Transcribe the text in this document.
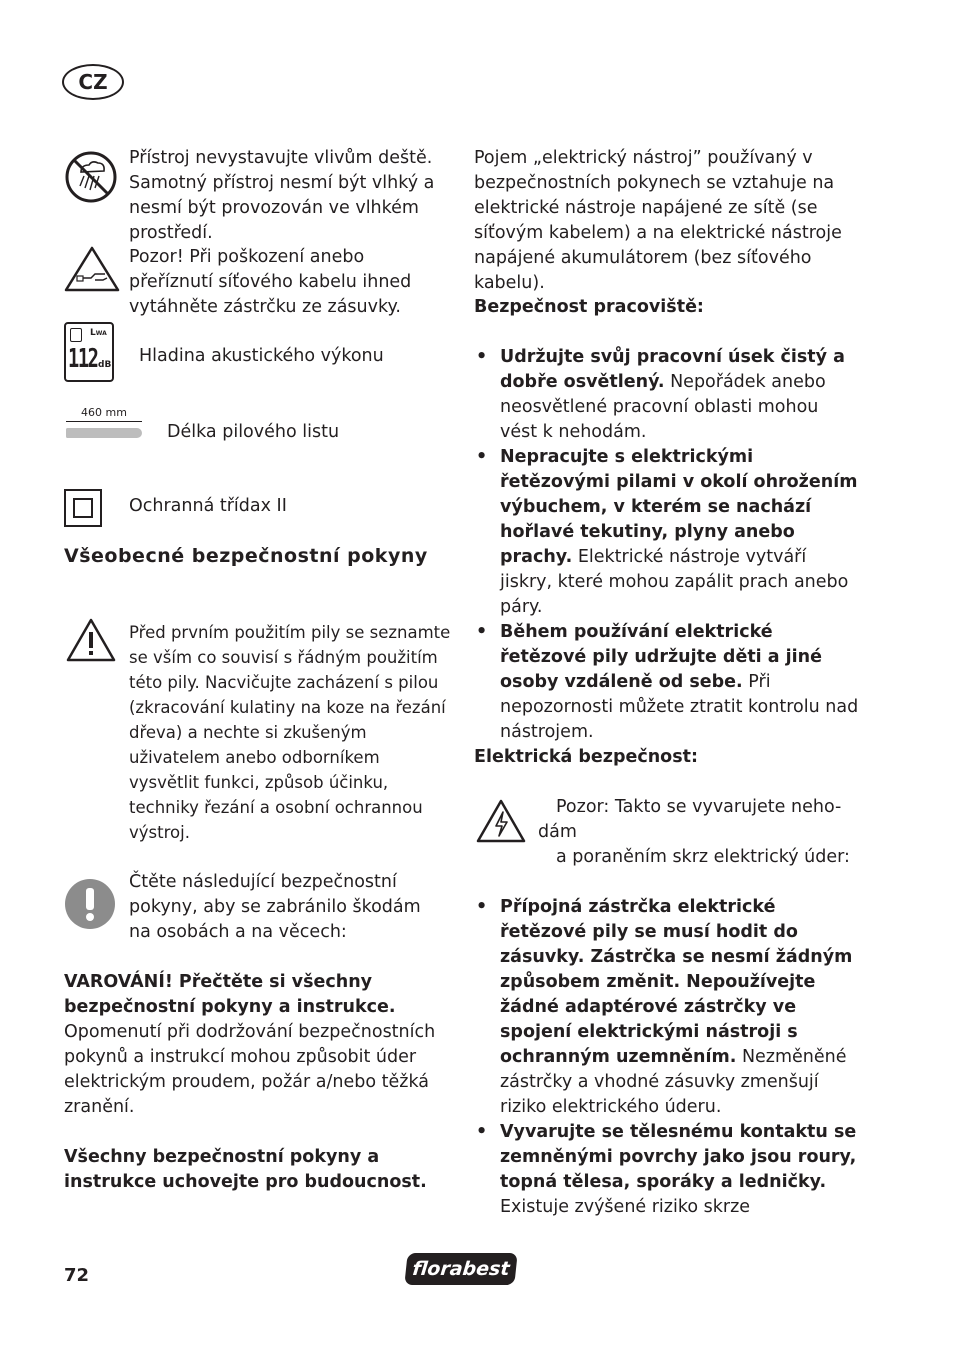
CZ

Přístroj nevystavujte vlivům deště. Samotný přístroj nesmí být vlhký a nesmí být provozován ve vlhkém prostředí.

Pozor! Při poškození anebo přeříznutí síťového kabelu ihned vytáhněte zástrčku ze zásuvky.

LWA
112 dB Hladina akustického výkonu

460 mm

Délka pilového listu

Ochranná třídax II

Všeobecné bezpečnostní pokyny

Před prvním použitím pily se seznamte se vším co souvisí s řádným použitím této pily. Nacvičujte zacházení s pilou (zkracování kulatiny na koze na řezání dřeva) a nechte si zkušeným uživatelem anebo odborníkem vysvětlit funkci, způsob účinku, techniky řezání a osobní ochrannou výstroj.

Čtěte následující bezpečnostní pokyny, aby se zabránilo škodám na osobách a na věcech:

VAROVÁNÍ! Přečtěte si všechny bezpečnostní pokyny a instrukce.

Opomenutí při dodržování bezpečnostních pokynů a instrukcí mohou způsobit úder elektrickým proudem, požár a/nebo těžká zranění.

Všechny bezpečnostní pokyny a instrukce uchovejte pro budoucnost.

Pojem „elektrický nástroj” používaný v bezpečnostních pokynech se vztahuje na elektrické nástroje napájené ze sítě (se síťovým kabelem) a na elektrické nástroje napájené akumulátorem (bez síťového kabelu).

Bezpečnost pracoviště:

• Udržujte svůj pracovní úsek čistý a dobře osvětlený. Nepořádek anebo neosvětlené pracovní oblasti mohou vést k nehodám.
• Nepracujte s elektrickými řetězovými pilami v okolí ohrožením výbuchem, v kterém se nachází hořlavé tekutiny, plyny anebo prachy. Elektrické nástroje vytváří jiskry, které mohou zapálit prach anebo páry.
• Během používání elektrické řetězové pily udržujte děti a jiné osoby vzdáleně od sebe. Při nepozornosti můžete ztratit kontrolu nad nástrojem.

Elektrická bezpečnost:

Pozor: Takto se vyvarujete neho-

dám

a poraněním skrz elektrický úder:

• Přípojná zástrčka elektrické řetězové pily se musí hodit do zásuvky. Zástrčka se nesmí žádným způsobem změnit. Nepoužívejte žádné adaptérové zástrčky ve spojení elektrickými nástroji s ochranným uzemněním. Nezměněné zástrčky a vhodné zásuvky zmenšují riziko elektrického úderu.
• Vyvarujte se tělesnému kontaktu se zemněnými povrchy jako jsou roury, topná tělesa, sporáky a ledničky. Existuje zvýšené riziko skrze
72	florabest
